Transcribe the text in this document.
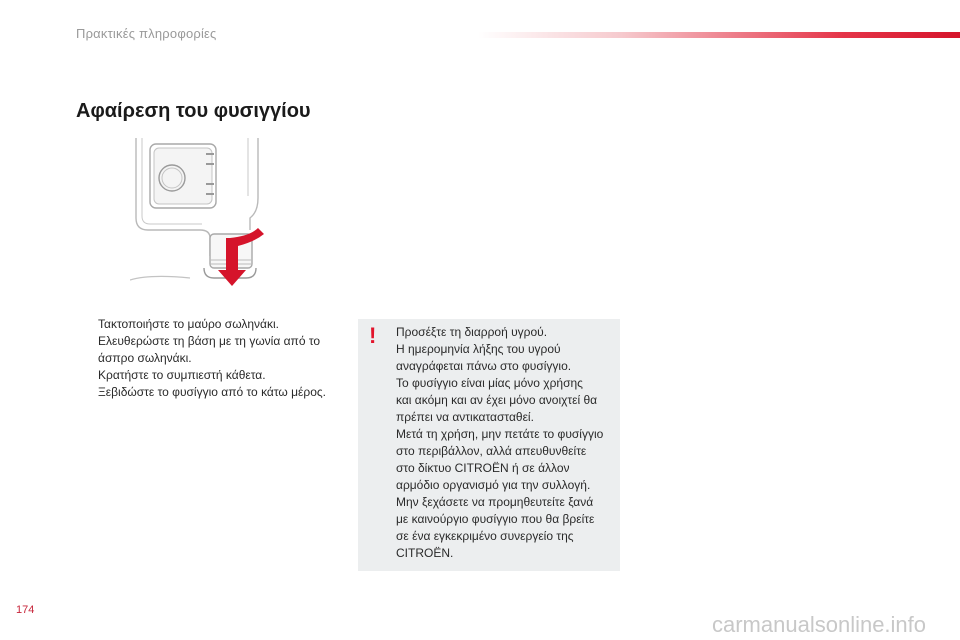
Πρακτικές πληροφορίες
Αφαίρεση του φυσιγγίου
Τακτοποιήστε το μαύρο σωληνάκι.
Ελευθερώστε τη βάση με τη γωνία από το άσπρο σωληνάκι.
Κρατήστε το συμπιεστή κάθετα.
Ξεβιδώστε το φυσίγγιο από το κάτω μέρος.
! Προσέξτε τη διαρροή υγρού.
Η ημερομηνία λήξης του υγρού
αναγράφεται πάνω στο φυσίγγιο.
Το φυσίγγιο είναι μίας μόνο χρήσης
και ακόμη και αν έχει μόνο ανοιχτεί θα
πρέπει να αντικατασταθεί.
Μετά τη χρήση, μην πετάτε το φυσίγγιο
στο περιβάλλον, αλλά απευθυνθείτε
στο δίκτυο CITROËN ή σε άλλον
αρμόδιο οργανισμό για την συλλογή.
Μην ξεχάσετε να προμηθευτείτε ξανά
με καινούργιο φυσίγγιο που θα βρείτε
σε ένα εγκεκριμένο συνεργείο της
CITROËN.

174
carmanualsonline.info
